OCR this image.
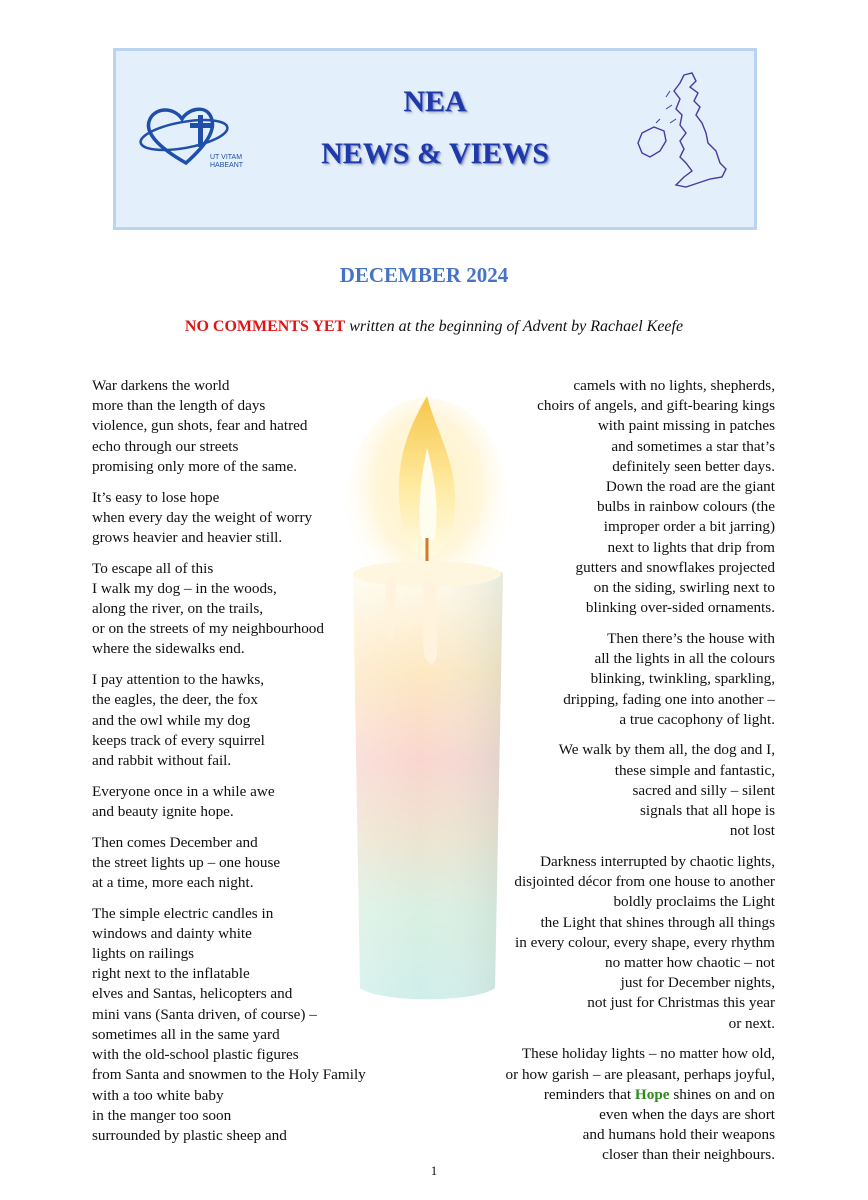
UT VITAM
HABEANT
NEA
NEWS & VIEWS
DECEMBER 2024
NO COMMENTS YET written at the beginning of Advent by Rachael Keefe

War darkens the world
more than the length of days
violence, gun shots, fear and hatred
echo through our streets
promising only more of the same.

It’s easy to lose hope
when every day the weight of worry
grows heavier and heavier still.

To escape all of this
I walk my dog – in the woods,
along the river, on the trails,
or on the streets of my neighbourhood
where the sidewalks end.

I pay attention to the hawks,
the eagles, the deer, the fox
and the owl while my dog
keeps track of every squirrel
and rabbit without fail.

Everyone once in a while awe
and beauty ignite hope.

Then comes December and
the street lights up – one house
at a time, more each night.

The simple electric candles in
windows and dainty white
lights on railings
right next to the inflatable
elves and Santas, helicopters and
mini vans (Santa driven, of course) –
sometimes all in the same yard
with the old-school plastic figures
from Santa and snowmen to the Holy Family
with a too white baby
in the manger too soon
surrounded by plastic sheep and

camels with no lights, shepherds,
choirs of angels, and gift-bearing kings
with paint missing in patches
and sometimes a star that’s
definitely seen better days.
Down the road are the giant
bulbs in rainbow colours (the
improper order a bit jarring)
next to lights that drip from
gutters and snowflakes projected
on the siding, swirling next to
blinking over-sided ornaments.

Then there’s the house with
all the lights in all the colours
blinking, twinkling, sparkling,
dripping, fading one into another –
a true cacophony of light.

We walk by them all, the dog and I,
these simple and fantastic,
sacred and silly – silent
signals that all hope is
not lost

Darkness interrupted by chaotic lights,
disjointed décor from one house to another
boldly proclaims the Light
the Light that shines through all things
in every colour, every shape, every rhythm
no matter how chaotic – not
just for December nights,
not just for Christmas this year
or next.

These holiday lights – no matter how old,
or how garish – are pleasant, perhaps joyful,
reminders that Hope shines on and on
even when the days are short
and humans hold their weapons
closer than their neighbours.

1
